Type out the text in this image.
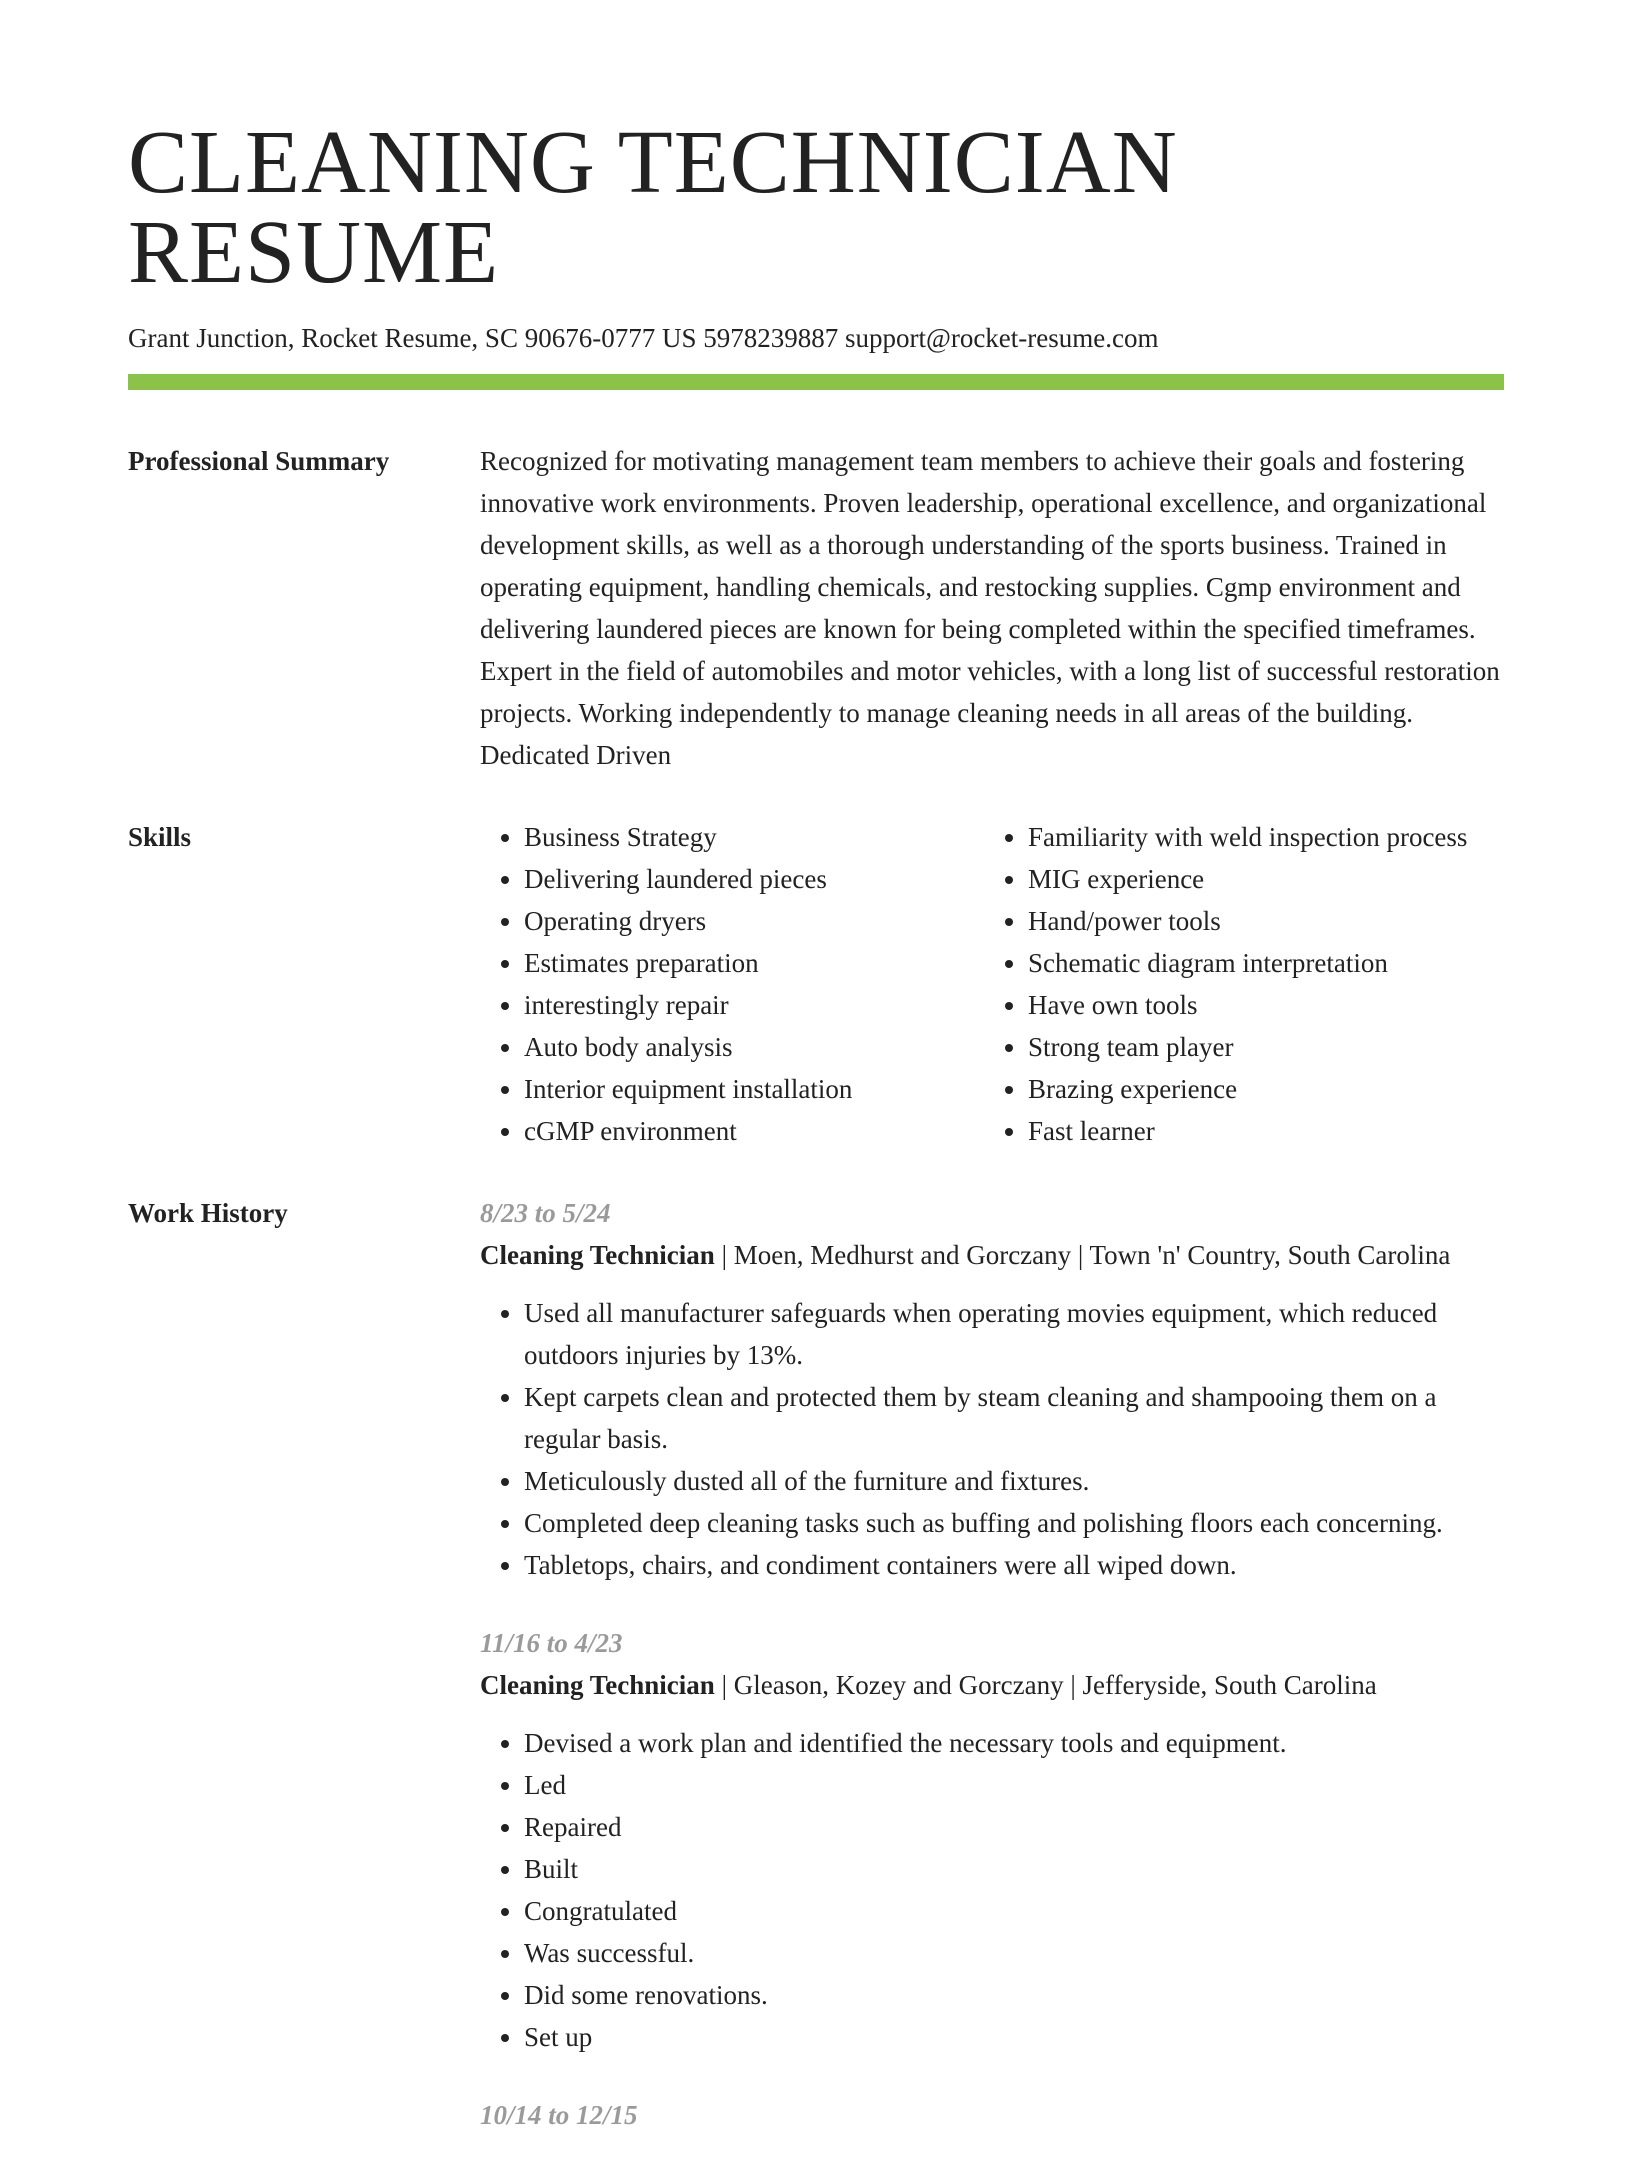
CLEANING TECHNICIAN RESUME
Grant Junction, Rocket Resume, SC 90676-0777 US 5978239887 support@rocket-resume.com
Professional Summary	Recognized for motivating management team members to achieve their goals and fostering innovative work environments. Proven leadership, operational excellence, and organizational development skills, as well as a thorough understanding of the sports business. Trained in operating equipment, handling chemicals, and restocking supplies. Cgmp environment and delivering laundered pieces are known for being completed within the specified timeframes. Expert in the field of automobiles and motor vehicles, with a long list of successful restoration projects. Working independently to manage cleaning needs in all areas of the building. Dedicated Driven

Skills
•	Business Strategy
• Delivering laundered pieces
• Operating dryers
• Estimates preparation
• interestingly repair
• Auto body analysis
• Interior equipment installation
• cGMP environment
• Familiarity with weld inspection process
• MIG experience
• Hand/power tools
• Schematic diagram interpretation
• Have own tools
• Strong team player
• Brazing experience
• Fast learner
Work History	8/23 to 5/24
Cleaning Technician | Moen, Medhurst and Gorczany | Town 'n' Country, South Carolina
• Used all manufacturer safeguards when operating movies equipment, which reduced outdoors injuries by 13%.
• Kept carpets clean and protected them by steam cleaning and shampooing them on a regular basis.
• Meticulously dusted all of the furniture and fixtures.
• Completed deep cleaning tasks such as buffing and polishing floors each concerning.
• Tabletops, chairs, and condiment containers were all wiped down.
11/16 to 4/23
Cleaning Technician | Gleason, Kozey and Gorczany | Jefferyside, South Carolina
• Devised a work plan and identified the necessary tools and equipment.
• Led
• Repaired
• Built
• Congratulated
• Was successful.
• Did some renovations.
• Set up
10/14 to 12/15
